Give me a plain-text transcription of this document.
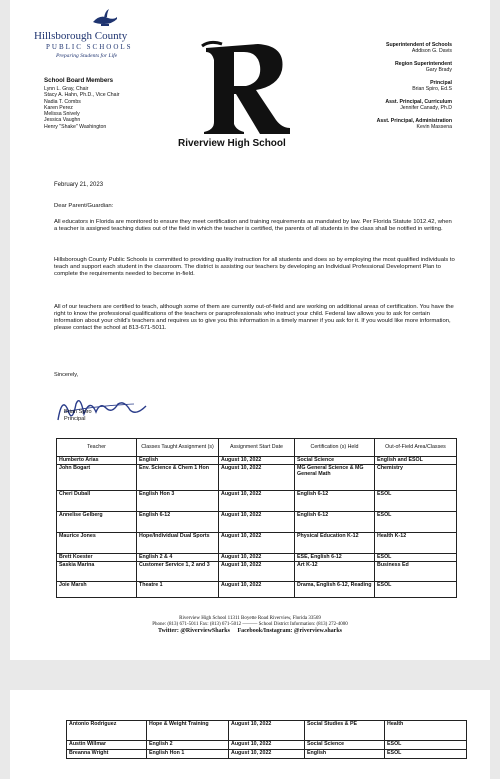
Hillsborough County
PUBLIC SCHOOLS
Preparing Students for Life
School Board Members
Lynn L. Gray, Chair
Stacy A. Hahn, Ph.D., Vice Chair
Nadia T. Combs
Karen Perez
Melissa Snively
Jessica Vaughn
Henry "Shake" Washington
Riverview High School
Superintendent of Schools
Addison G. Davis
Region Superintendent
Gary Brady
Principal
Brian Spiro, Ed.S
Asst. Principal, Curriculum
Jennifer Canady, Ph.D
Asst. Principal, Administration
Kevin Massena
February 21, 2023
Dear Parent/Guardian:
All educators in Florida are monitored to ensure they meet certification and training requirements as mandated by law. Per Florida Statute 1012.42, when a teacher is assigned teaching duties out of the field in which the teacher is certified, the parents of all students in the class shall be notified in writing.
Hillsborough County Public Schools is committed to providing quality instruction for all students and does so by employing the most qualified individuals to teach and support each student in the classroom. The district is assisting our teachers by developing an Individual Professional Development Plan to complete the requirements needed to become in-field.
All of our teachers are certified to teach, although some of them are currently out-of-field and are working on additional areas of certification. You have the right to know the professional qualifications of the teachers or paraprofessionals who instruct your child. Federal law allows you to ask for certain information about your child's teachers and requires us to give you this information in a timely manner if you ask for it. If you would like more information, please contact the school at 813-671-5011.
Sincerely,
Brian Spiro
Principal
Teacher	Classes Taught Assignment (s)	Assignment Start Date	Certification (s) Held	Out-of-Field Area/Classes
Humberto Arias	English	August 10, 2022	Social Science	English and ESOL
John Bogart	Env. Science & Chem 1 Hon	August 10, 2022	MG General Science & MG General Math	Chemistry
Cheri Duball	English Hon 3	August 10, 2022	English 6-12	ESOL
Annelise Gelberg	English 6-12	August 10, 2022	English 6-12	ESOL
Maurice Jones	Hope/Individual Dual Sports	August 10, 2022	Physical Education K-12	Health K-12
Brett Koester	English 2 & 4	August 10, 2022	ESE, English 6-12	ESOL
Saskia Marina	Customer Service 1, 2 and 3	August 10, 2022	Art K-12	Business Ed
Joie Marsh	Theatre 1	August 10, 2022	Drama, English 6-12, Reading	ESOL
Riverview High School 11311 Boyette Road Riverview, Florida 33569
Phone: (813) 671-5011 Fax: (813) 671-5012 ——— School District Information: (813) 272-4000
Twitter: @RiverviewSharks Facebook/Instagram: @riverview.sharks
Antonio Rodriguez	Hope & Weight Training	August 10, 2022	Social Studies & PE	Health
Austin Willmar	English 2	August 10, 2022	Social Science	ESOL
Breanna Wright	English Hon 1	August 10, 2022	English	ESOL
